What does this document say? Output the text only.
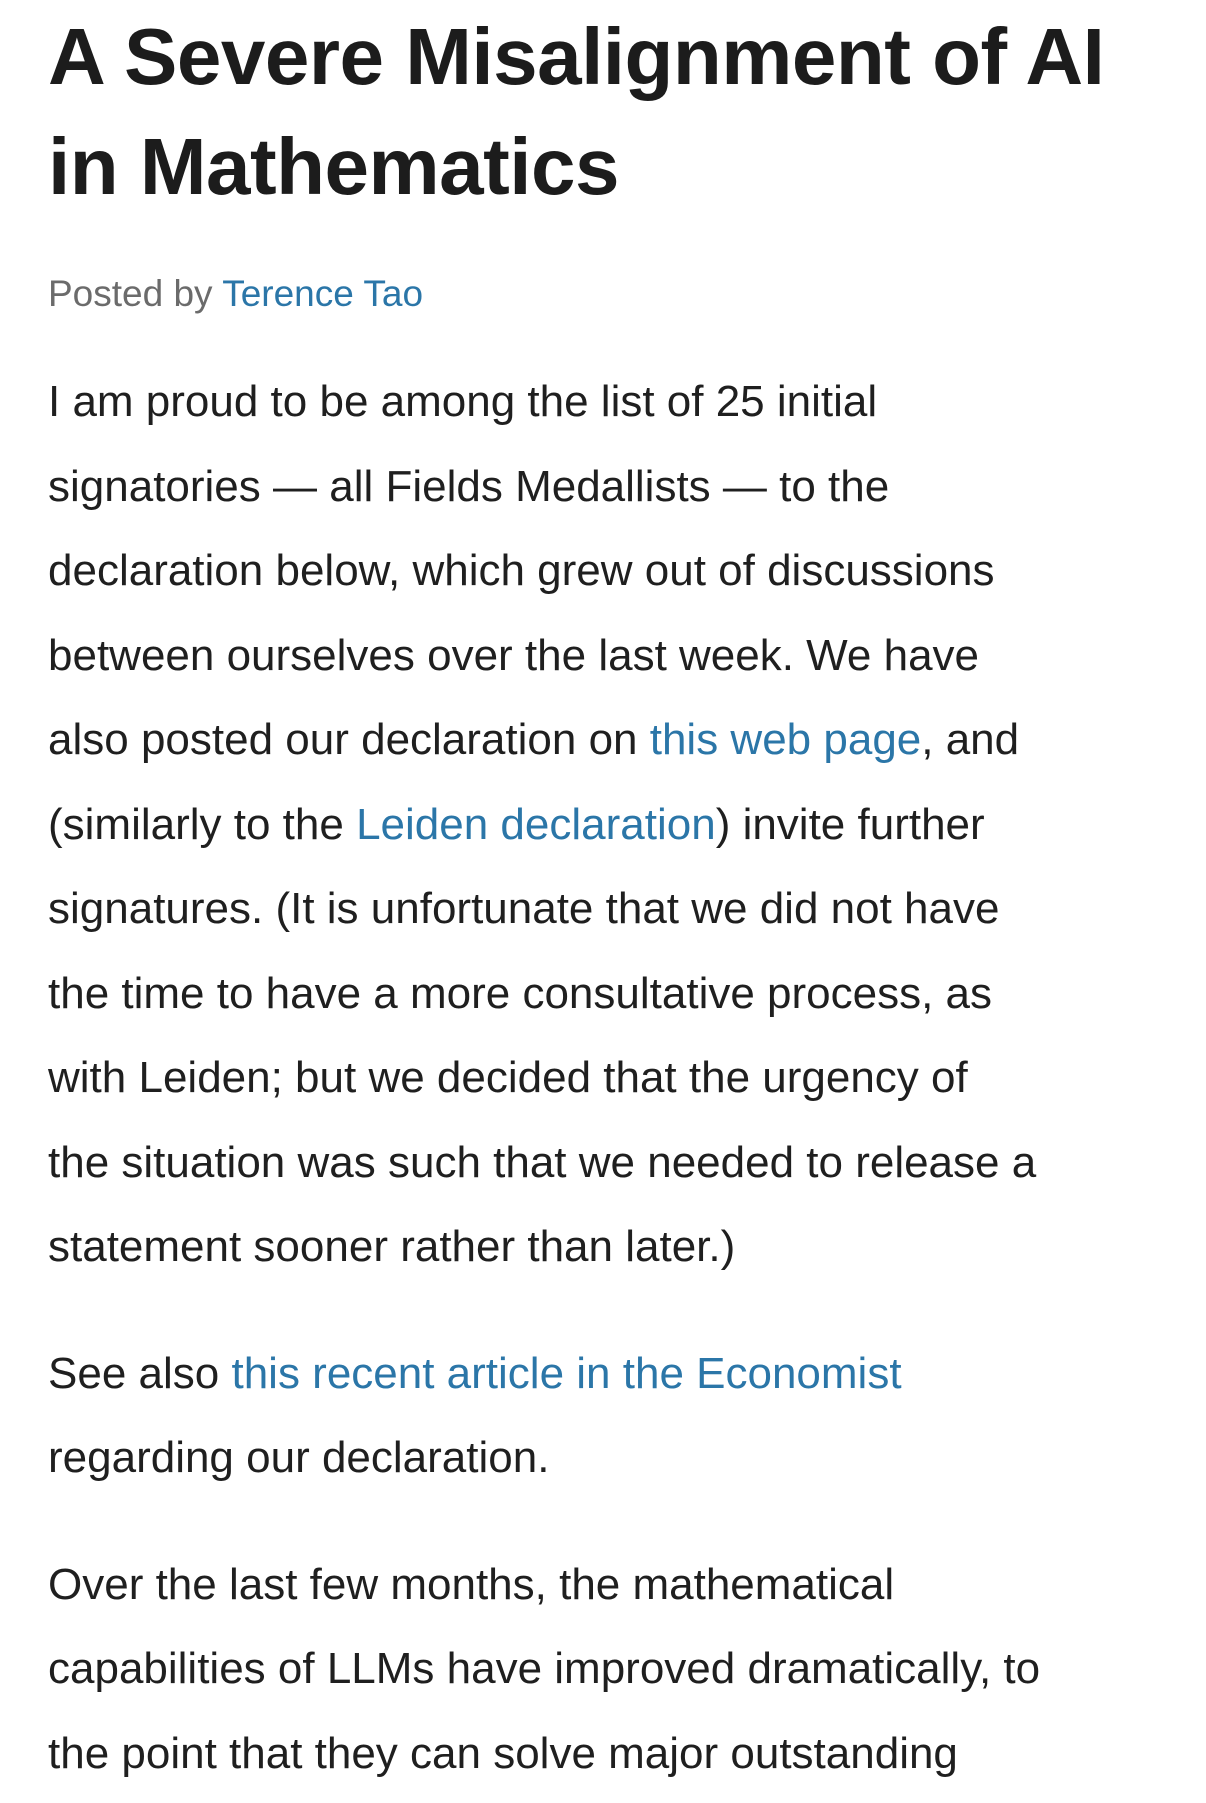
A Severe Misalignment of AI
in Mathematics
Posted by Terence Tao

I am proud to be among the list of 25 initial
signatories — all Fields Medallists — to the
declaration below, which grew out of discussions
between ourselves over the last week. We have
also posted our declaration on this web page, and
(similarly to the Leiden declaration) invite further
signatures. (It is unfortunate that we did not have
the time to have a more consultative process, as
with Leiden; but we decided that the urgency of
the situation was such that we needed to release a
statement sooner rather than later.)

See also this recent article in the Economist
regarding our declaration.

Over the last few months, the mathematical
capabilities of LLMs have improved dramatically, to
the point that they can solve major outstanding
